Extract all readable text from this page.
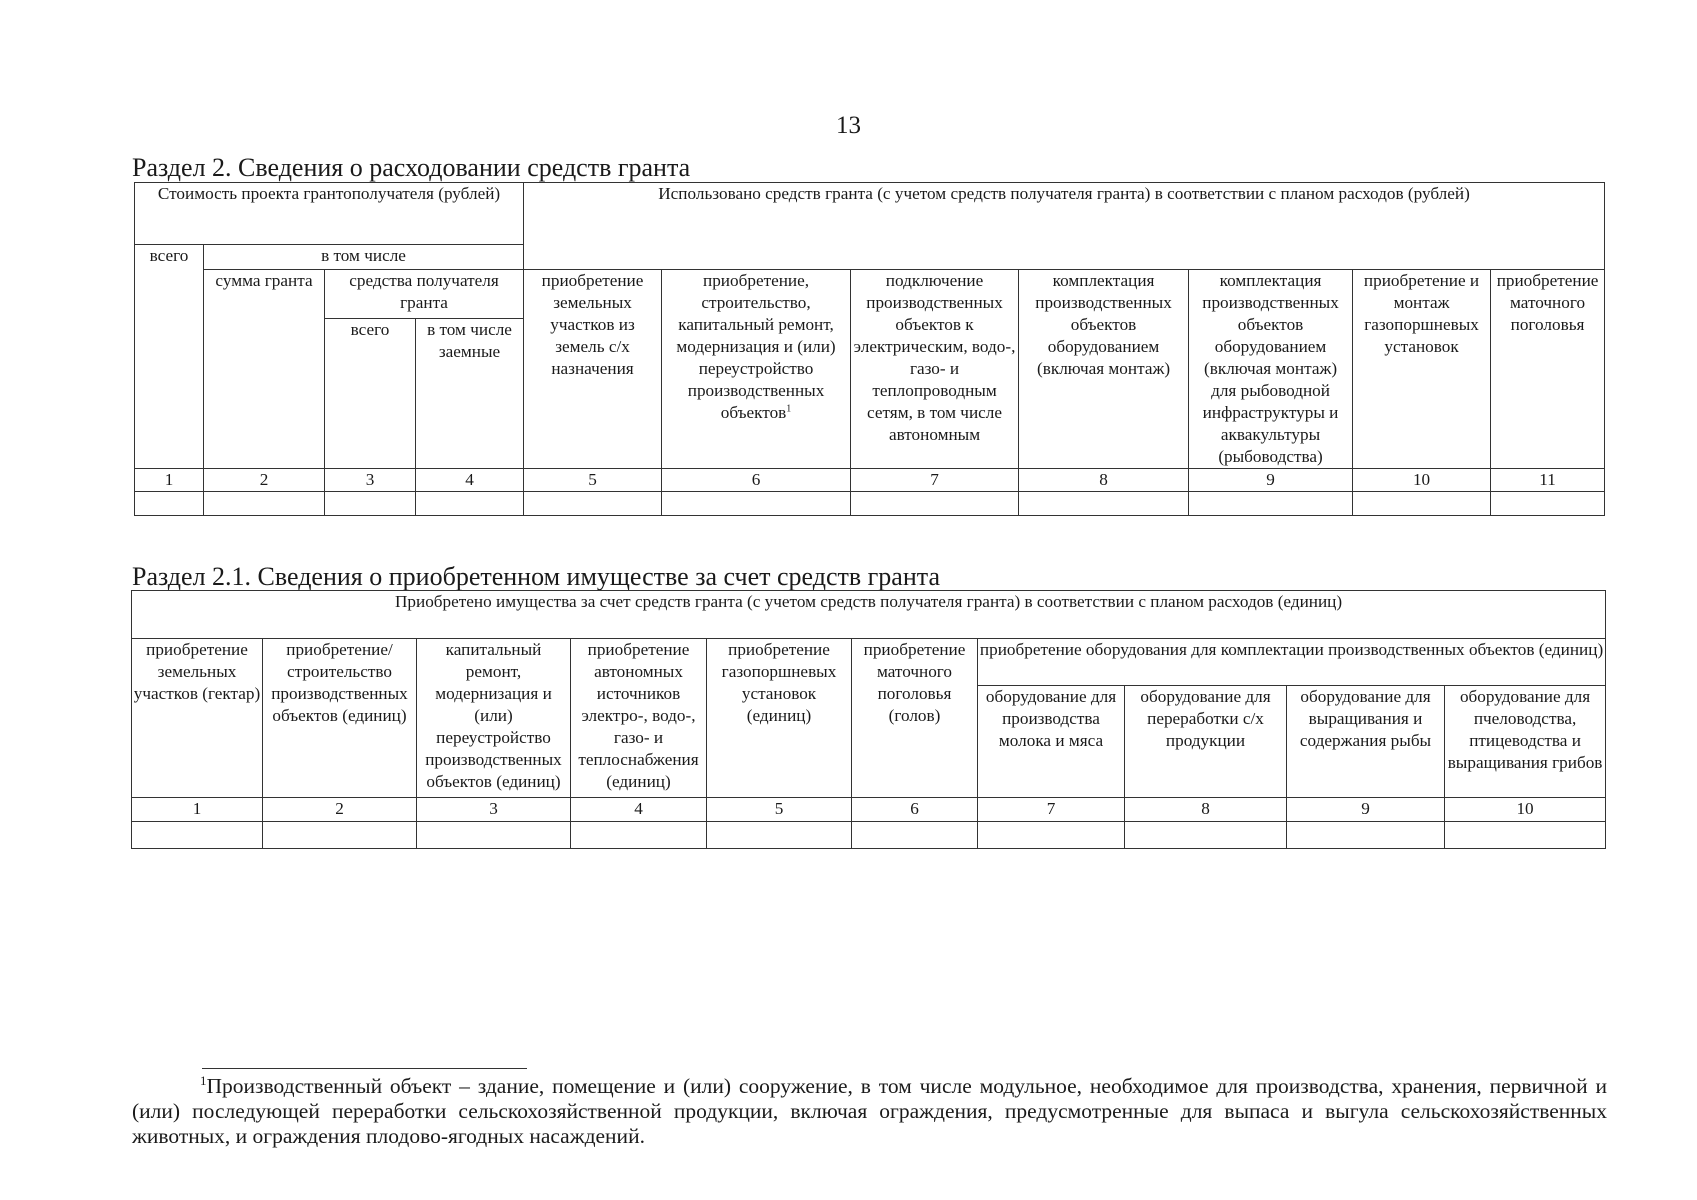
13
Раздел 2. Сведения о расходовании средств гранта
Стоимость проекта грантополучателя (рублей)				Использовано средств гранта (с учетом средств получателя гранта) в соответствии с планом расходов (рублей)						
всего	в том числе									
	сумма гранта	средства получателя гранта		приобретение земельных участков из земель с/х назначения	приобретение, строительство, капитальный ремонт, модернизация и (или) переустройство производственных объектов$^1$	подключение производственных объектов к электрическим, водо-, газо- и теплопроводным сетям, в том числе автономным	комплектация производственных объектов оборудованием (включая монтаж)	комплектация производственных объектов оборудованием (включая монтаж) для рыбоводной инфраструктуры и аквакультуры (рыбоводства)	приобретение и монтаж газопоршневых установок	приобретение маточного поголовья
		всего	в том числе заемные							
1	2	3	4	5	6	7	8	9	10	11

Раздел 2.1. Сведения о приобретенном имуществе за счет средств гранта
Приобретено имущества за счет средств гранта (с учетом средств получателя гранта) в соответствии с планом расходов (единиц)									
приобретение земельных участков (гектар)	приобретение/ строительство производственных объектов (единиц)	капитальный ремонт, модернизация и (или) переустройство производственных объектов (единиц)	приобретение автономных источников электро-, водо-, газо- и теплоснабжения (единиц)	приобретение газопоршневых установок (единиц)	приобретение маточного поголовья (голов)	приобретение оборудования для комплектации производственных объектов (единиц)			
						оборудование для производства молока и мяса	оборудование для переработки с/х продукции	оборудование для выращивания и содержания рыбы	оборудование для пчеловодства, птицеводства и выращивания грибов
1	2	3	4	5	6	7	8	9	10

$^1$Производственный объект – здание, помещение и (или) сооружение, в том числе модульное, необходимое для производства, хранения, первичной и (или) последующей переработки сельскохозяйственной продукции, включая ограждения, предусмотренные для выпаса и выгула сельскохозяйственных животных, и ограждения плодово-ягодных насаждений.
